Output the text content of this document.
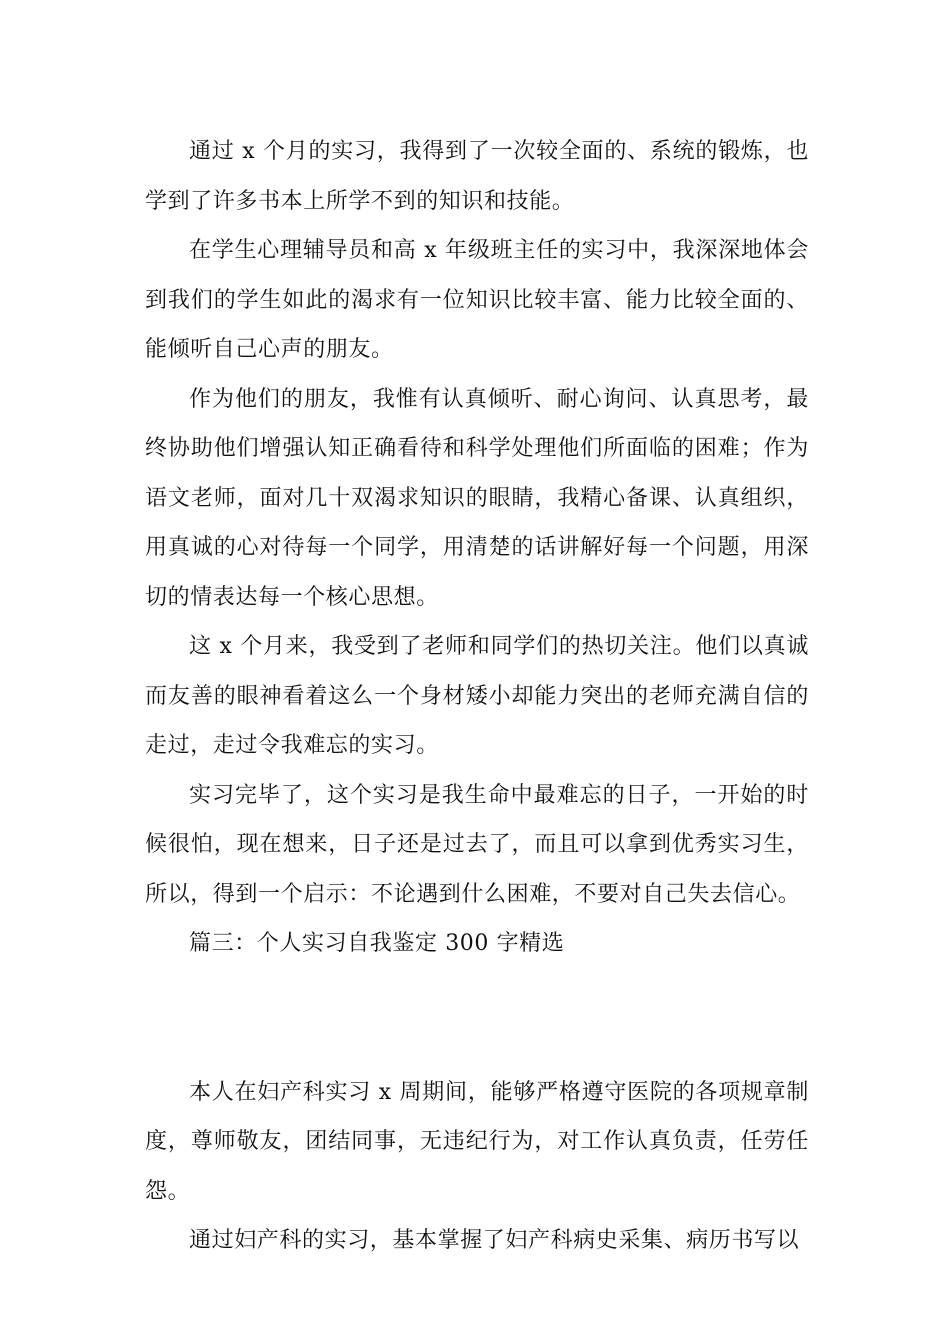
通过 x 个月的实习，我得到了一次较全面的、系统的锻炼，也学到了许多书本上所学不到的知识和技能。

在学生心理辅导员和高 x 年级班主任的实习中，我深深地体会到我们的学生如此的渴求有一位知识比较丰富、能力比较全面的、能倾听自己心声的朋友。

作为他们的朋友，我惟有认真倾听、耐心询问、认真思考，最终协助他们增强认知正确看待和科学处理他们所面临的困难；作为语文老师，面对几十双渴求知识的眼睛，我精心备课、认真组织，用真诚的心对待每一个同学，用清楚的话讲解好每一个问题，用深切的情表达每一个核心思想。

这 x 个月来，我受到了老师和同学们的热切关注。他们以真诚而友善的眼神看着这么一个身材矮小却能力突出的老师充满自信的走过，走过令我难忘的实习。

实习完毕了，这个实习是我生命中最难忘的日子，一开始的时候很怕，现在想来，日子还是过去了，而且可以拿到优秀实习生，所以，得到一个启示：不论遇到什么困难，不要对自己失去信心。

篇三：个人实习自我鉴定 300 字精选

本人在妇产科实习 x 周期间，能够严格遵守医院的各项规章制度，尊师敬友，团结同事，无违纪行为，对工作认真负责，任劳任怨。

通过妇产科的实习，基本掌握了妇产科病史采集、病历书写以
